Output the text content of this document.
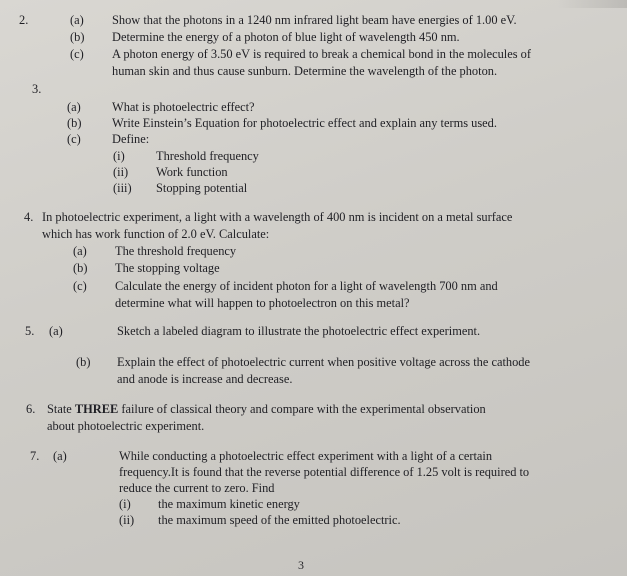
2.	(a) Show that the photons in a 1240 nm infrared light beam have energies of 1.00 eV.
(b) Determine the energy of a photon of blue light of wavelength 450 nm.
(c) A photon energy of 3.50 eV is required to break a chemical bond in the molecules of
human skin and thus cause sunburn. Determine the wavelength of the photon.
3.
(a)	What is photoelectric effect?
(b) Write Einstein’s Equation for photoelectric effect and explain any terms used.
(c)	Define:
(i)	Threshold frequency
(ii) Work function
(iii) Stopping potential
4. In photoelectric experiment, a light with a wavelength of 400 nm is incident on a metal surface
which has work function of 2.0 eV. Calculate:
(a) The threshold frequency
(b) The stopping voltage
(c) Calculate the energy of incident photon for a light of wavelength 700 nm and
determine what will happen to photoelectron on this metal?
5. (a)	Sketch a labeled diagram to illustrate the photoelectric effect experiment.
(b) Explain the effect of photoelectric current when positive voltage across the cathode
and anode is increase and decrease.
6. State THREE failure of classical theory and compare with the experimental observation
about photoelectric experiment.
7. (a)	While conducting a photoelectric effect experiment with a light of a certain
frequency.It is found that the reverse potential difference of 1.25 volt is required to
reduce the current to zero. Find
(i) the maximum kinetic energy
(ii) the maximum speed of the emitted photoelectric.
3
